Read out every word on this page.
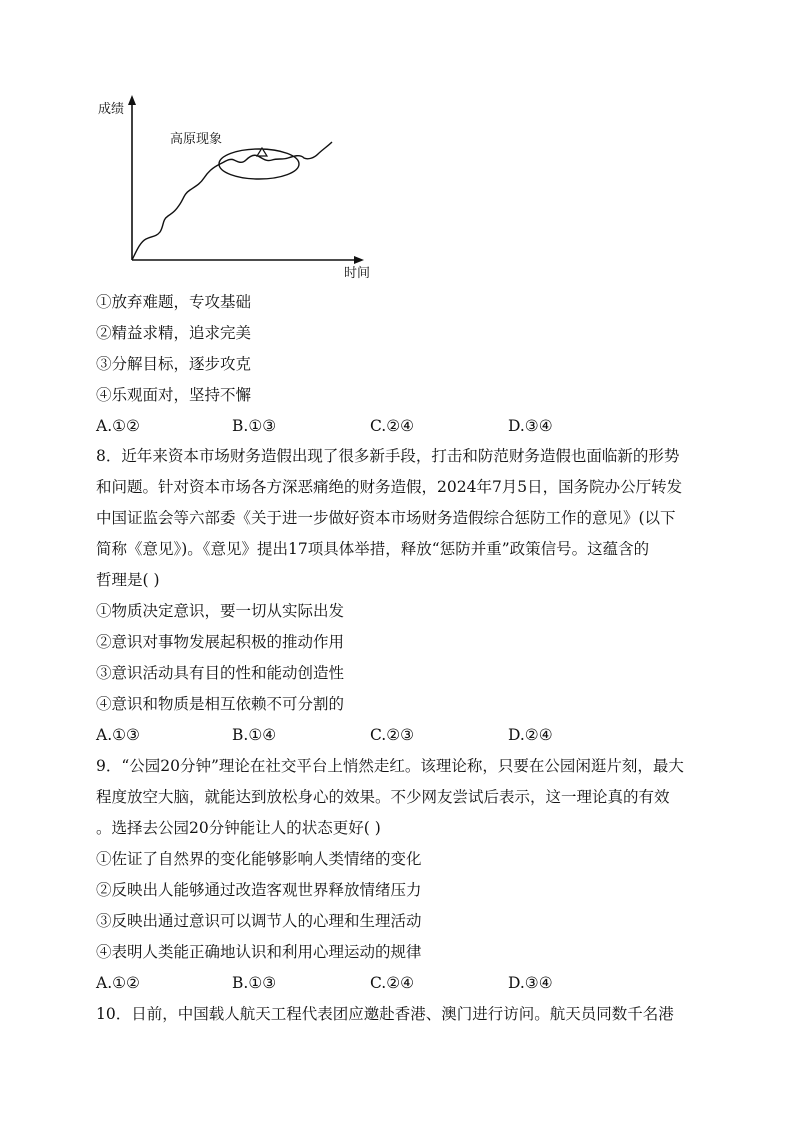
成绩
时间
高原现象
①放弃难题，专攻基础
②精益求精，追求完美
③分解目标，逐步攻克
④乐观面对，坚持不懈
A.①②	B.①③	C.②④	D.③④
8．近年来资本市场财务造假出现了很多新手段，打击和防范财务造假也面临新的形势
和问题。针对资本市场各方深恶痛绝的财务造假，2024年7月5日，国务院办公厅转发
中国证监会等六部委《关于进一步做好资本市场财务造假综合惩防工作的意见》(以下
简称《意见》)。《意见》提出17项具体举措，释放“惩防并重”政策信号。这蕴含的
哲理是( )
①物质决定意识，要一切从实际出发
②意识对事物发展起积极的推动作用
③意识活动具有目的性和能动创造性
④意识和物质是相互依赖不可分割的
A.①③	B.①④	C.②③	D.②④
9．“公园20分钟”理论在社交平台上悄然走红。该理论称，只要在公园闲逛片刻，最大
程度放空大脑，就能达到放松身心的效果。不少网友尝试后表示，这一理论真的有效
。选择去公园20分钟能让人的状态更好( )
①佐证了自然界的变化能够影响人类情绪的变化
②反映出人能够通过改造客观世界释放情绪压力
③反映出通过意识可以调节人的心理和生理活动
④表明人类能正确地认识和利用心理运动的规律
A.①②	B.①③	C.②④	D.③④
10．日前，中国载人航天工程代表团应邀赴香港、澳门进行访问。航天员同数千名港
